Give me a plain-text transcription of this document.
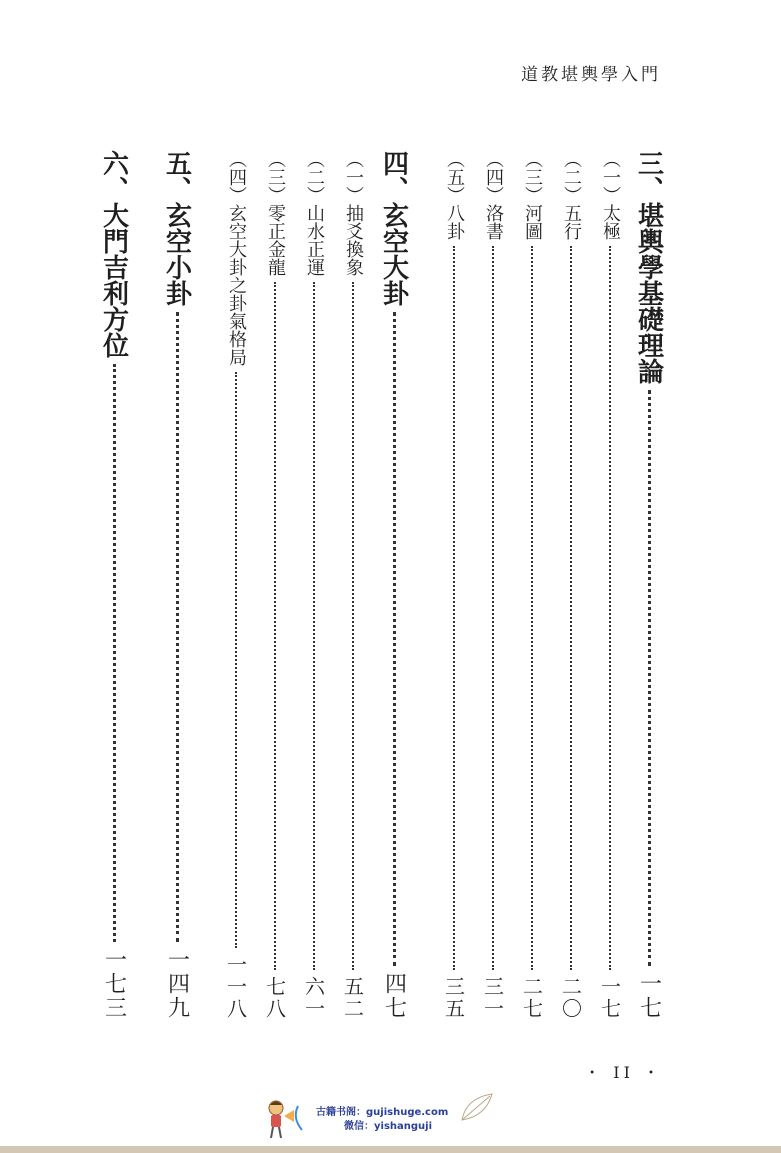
道教堪輿學入門
三、堪輿學基礎理論
一七
（一）太極
一七
（二）五行
二〇
（三）河圖
二七
（四）洛書
三一
（五）八卦
三五
四、玄空大卦
四七
（一）抽爻換象
五二
（二）山水正運
六一
（三）零正金龍
七八
（四）玄空大卦之卦氣格局
一一八
五、玄空小卦
一四九
六、大門吉利方位
一七三
・ II ・
古籍书阁：gujishuge.com
微信：yishanguji
